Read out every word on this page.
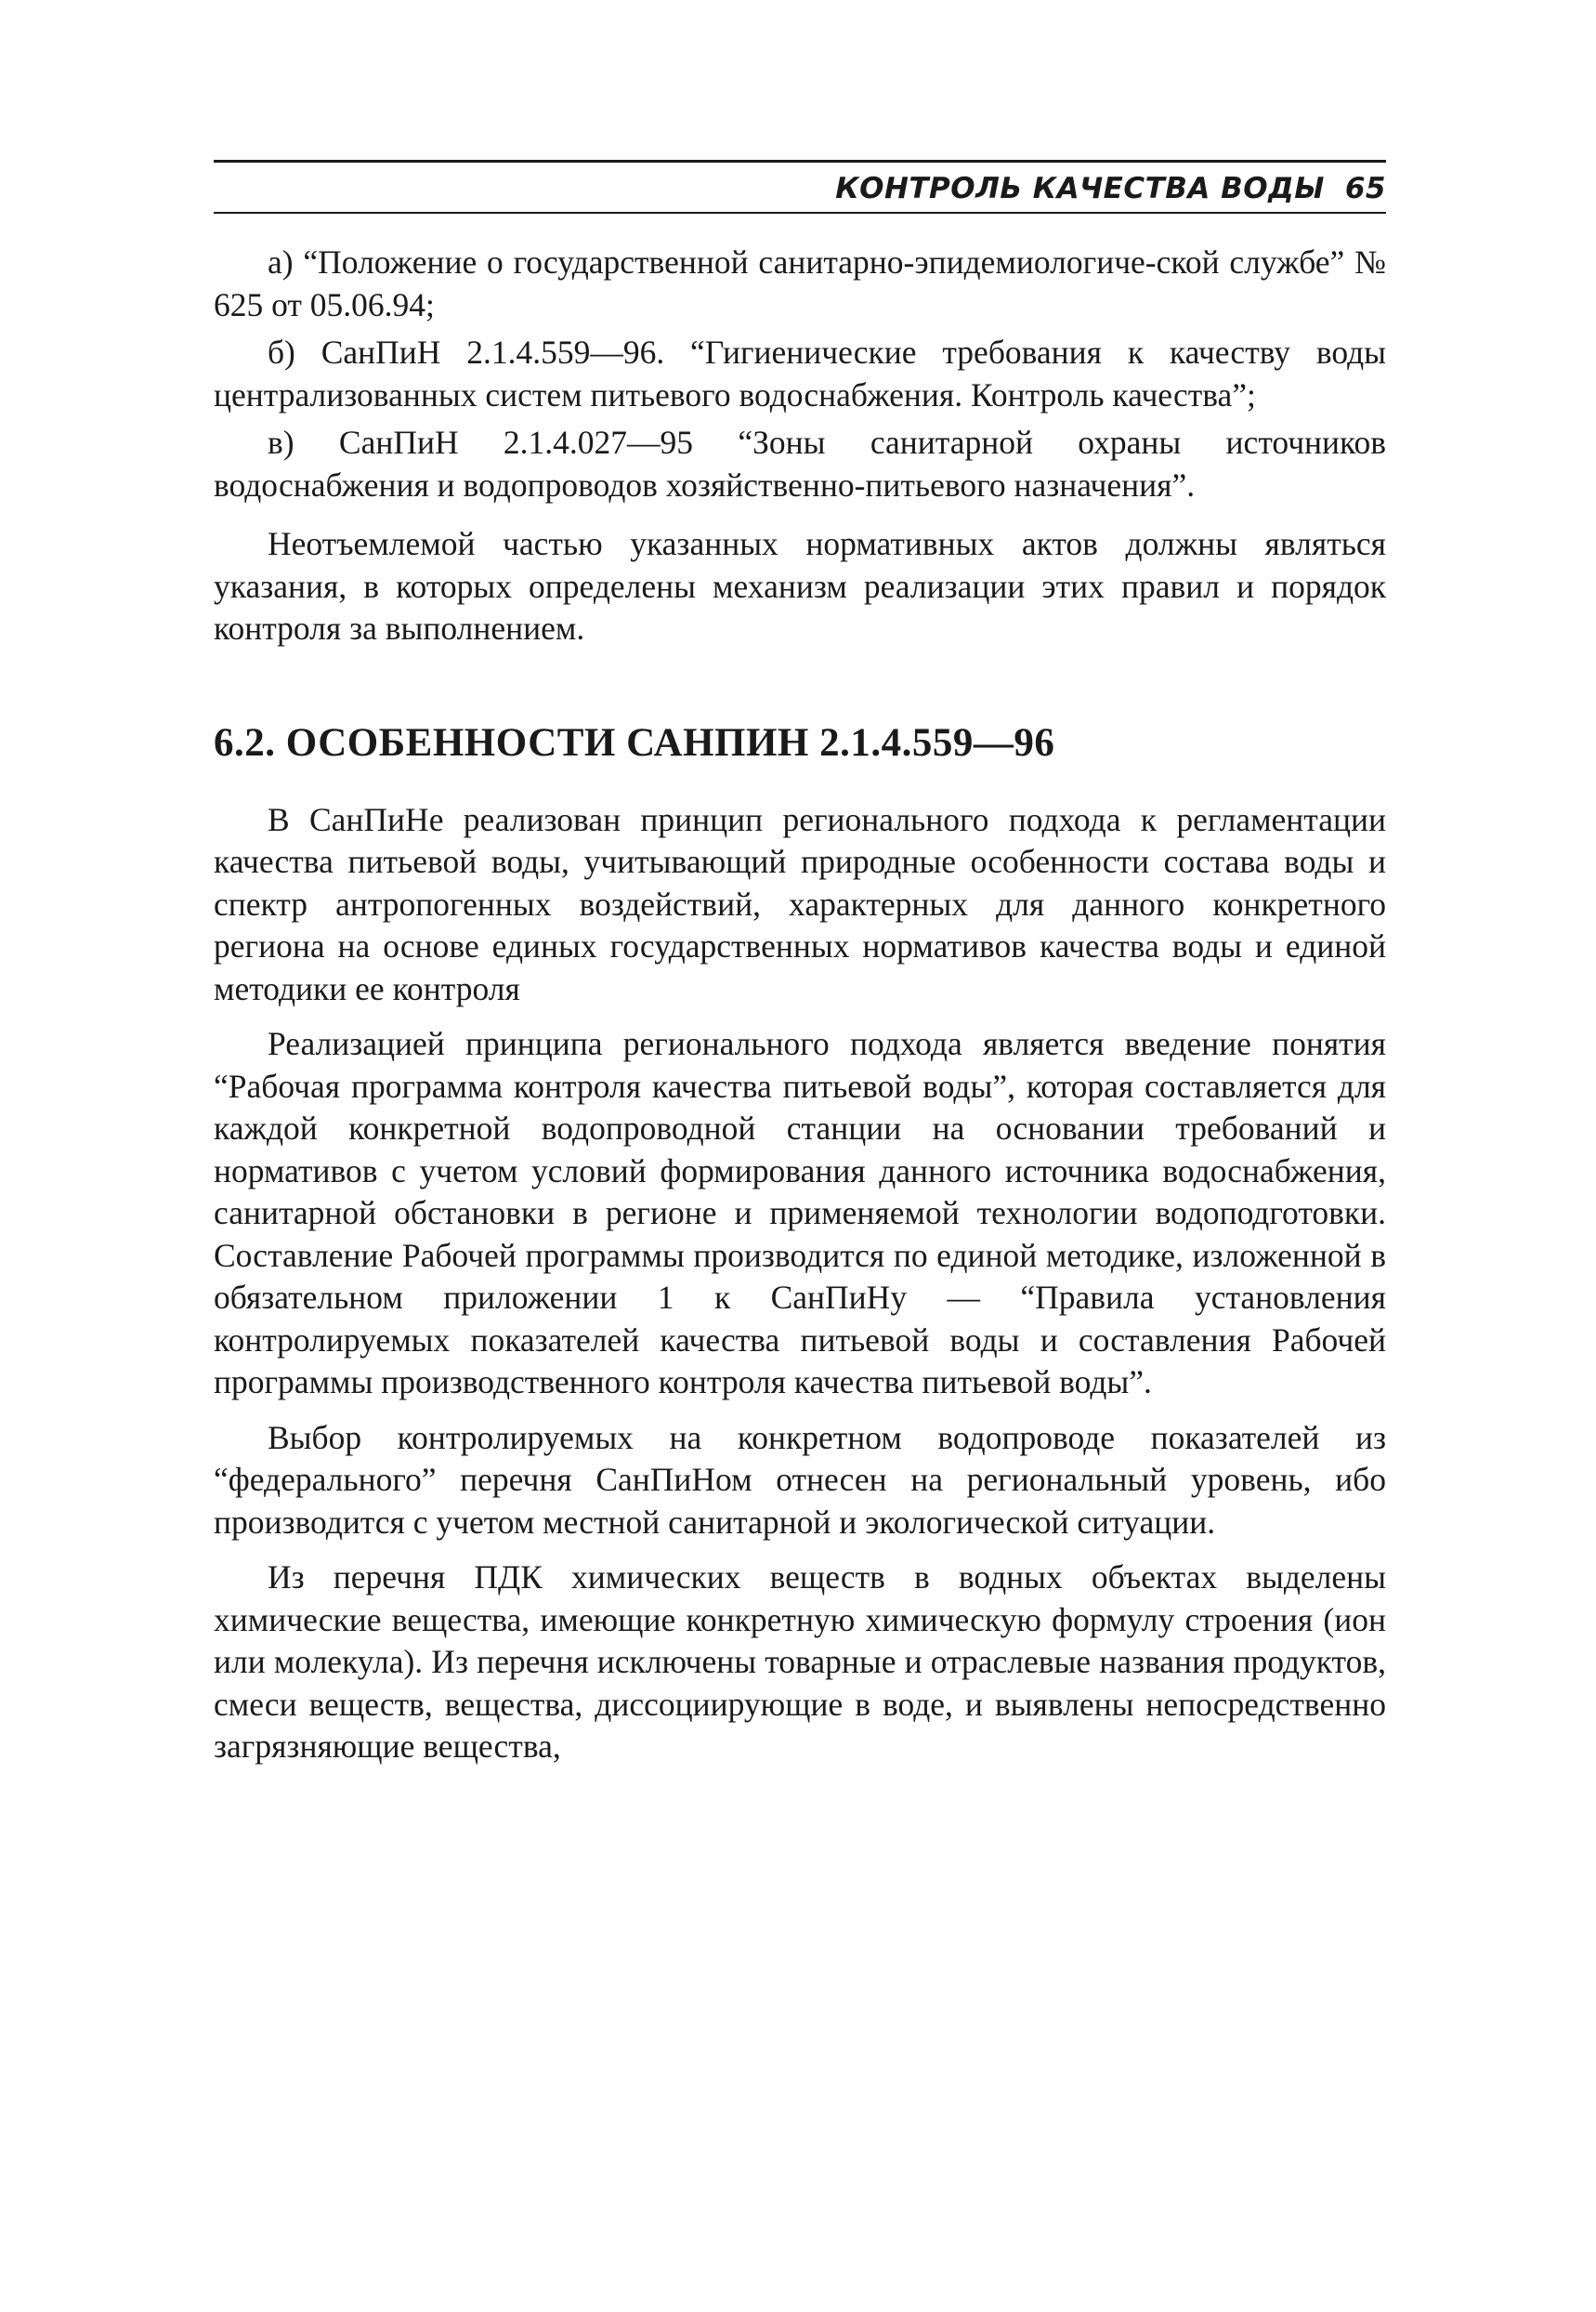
КОНТРОЛЬ КАЧЕСТВА ВОДЫ 65

а) “Положение о государственной санитарно-эпидемиологиче-ской службе” № 625 от 05.06.94;

б) СанПиН 2.1.4.559—96. “Гигиенические требования к качеству воды централизованных систем питьевого водоснабжения. Контроль качества”;

в) СанПиН 2.1.4.027—95 “Зоны санитарной охраны источников водоснабжения и водопроводов хозяйственно-питьевого назначения”.

Неотъемлемой частью указанных нормативных актов должны являться указания, в которых определены механизм реализации этих правил и порядок контроля за выполнением.

6.2. ОСОБЕННОСТИ САНПИН 2.1.4.559—96

В СанПиНе реализован принцип регионального подхода к регламентации качества питьевой воды, учитывающий природные особенности состава воды и спектр антропогенных воздействий, характерных для данного конкретного региона на основе единых государственных нормативов качества воды и единой методики ее контроля

Реализацией принципа регионального подхода является введение понятия “Рабочая программа контроля качества питьевой воды”, которая составляется для каждой конкретной водопроводной станции на основании требований и нормативов с учетом условий формирования данного источника водоснабжения, санитарной обстановки в регионе и применяемой технологии водоподготовки. Составление Рабочей программы производится по единой методике, изложенной в обязательном приложении 1 к СанПиНу — “Правила установления контролируемых показателей качества питьевой воды и составления Рабочей программы производственного контроля качества питьевой воды”.

Выбор контролируемых на конкретном водопроводе показателей из “федерального” перечня СанПиНом отнесен на региональный уровень, ибо производится с учетом местной санитарной и экологической ситуации.

Из перечня ПДК химических веществ в водных объектах выделены химические вещества, имеющие конкретную химическую формулу строения (ион или молекула). Из перечня исключены товарные и отраслевые названия продуктов, смеси веществ, вещества, диссоциирующие в воде, и выявлены непосредственно загрязняющие вещества,
